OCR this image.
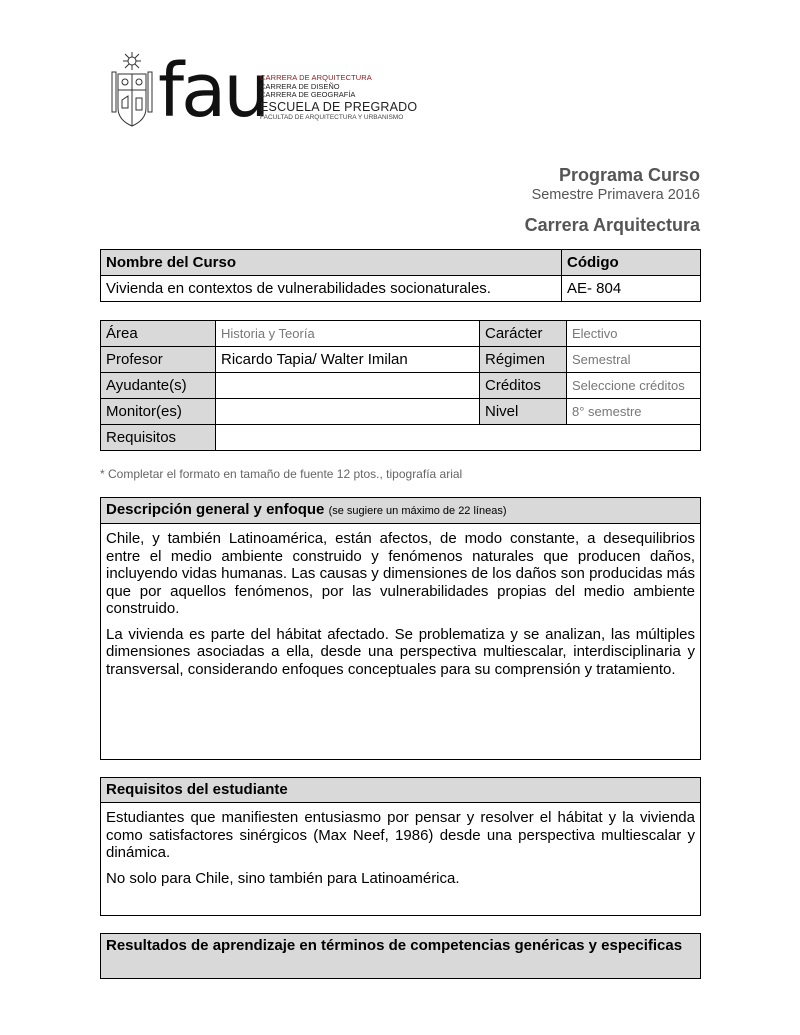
fau
CARRERA DE ARQUITECTURA
CARRERA DE DISEÑO
CARRERA DE GEOGRAFÍA
ESCUELA DE PREGRADO
FACULTAD DE ARQUITECTURA Y URBANISMO
Programa Curso
Semestre Primavera 2016
Carrera Arquitectura
Nombre del Curso	Código
Vivienda en contextos de vulnerabilidades socionaturales.	AE- 804
Área	Historia y Teoría	Carácter	Electivo
Profesor	Ricardo Tapia/ Walter Imilan	Régimen	Semestral
Ayudante(s)		Créditos	Seleccione créditos
Monitor(es)		Nivel	8° semestre
Requisitos			
* Completar el formato en tamaño de fuente 12 ptos., tipografía arial
Descripción general y enfoque (se sugiere un máximo de 22 líneas)

Chile, y también Latinoamérica, están afectos, de modo constante, a desequilibrios entre el medio ambiente construido y fenómenos naturales que producen daños, incluyendo vidas humanas. Las causas y dimensiones de los daños son producidas más que por aquellos fenómenos, por las vulnerabilidades propias del medio ambiente construido.

La vivienda es parte del hábitat afectado. Se problematiza y se analizan, las múltiples dimensiones asociadas a ella, desde una perspectiva multiescalar, interdisciplinaria y transversal, considerando enfoques conceptuales para su comprensión y tratamiento.

Requisitos del estudiante

Estudiantes que manifiesten entusiasmo por pensar y resolver el hábitat y la vivienda como satisfactores sinérgicos (Max Neef, 1986) desde una perspectiva multiescalar y dinámica.

No solo para Chile, sino también para Latinoamérica.

Resultados de aprendizaje en términos de competencias genéricas y especificas
